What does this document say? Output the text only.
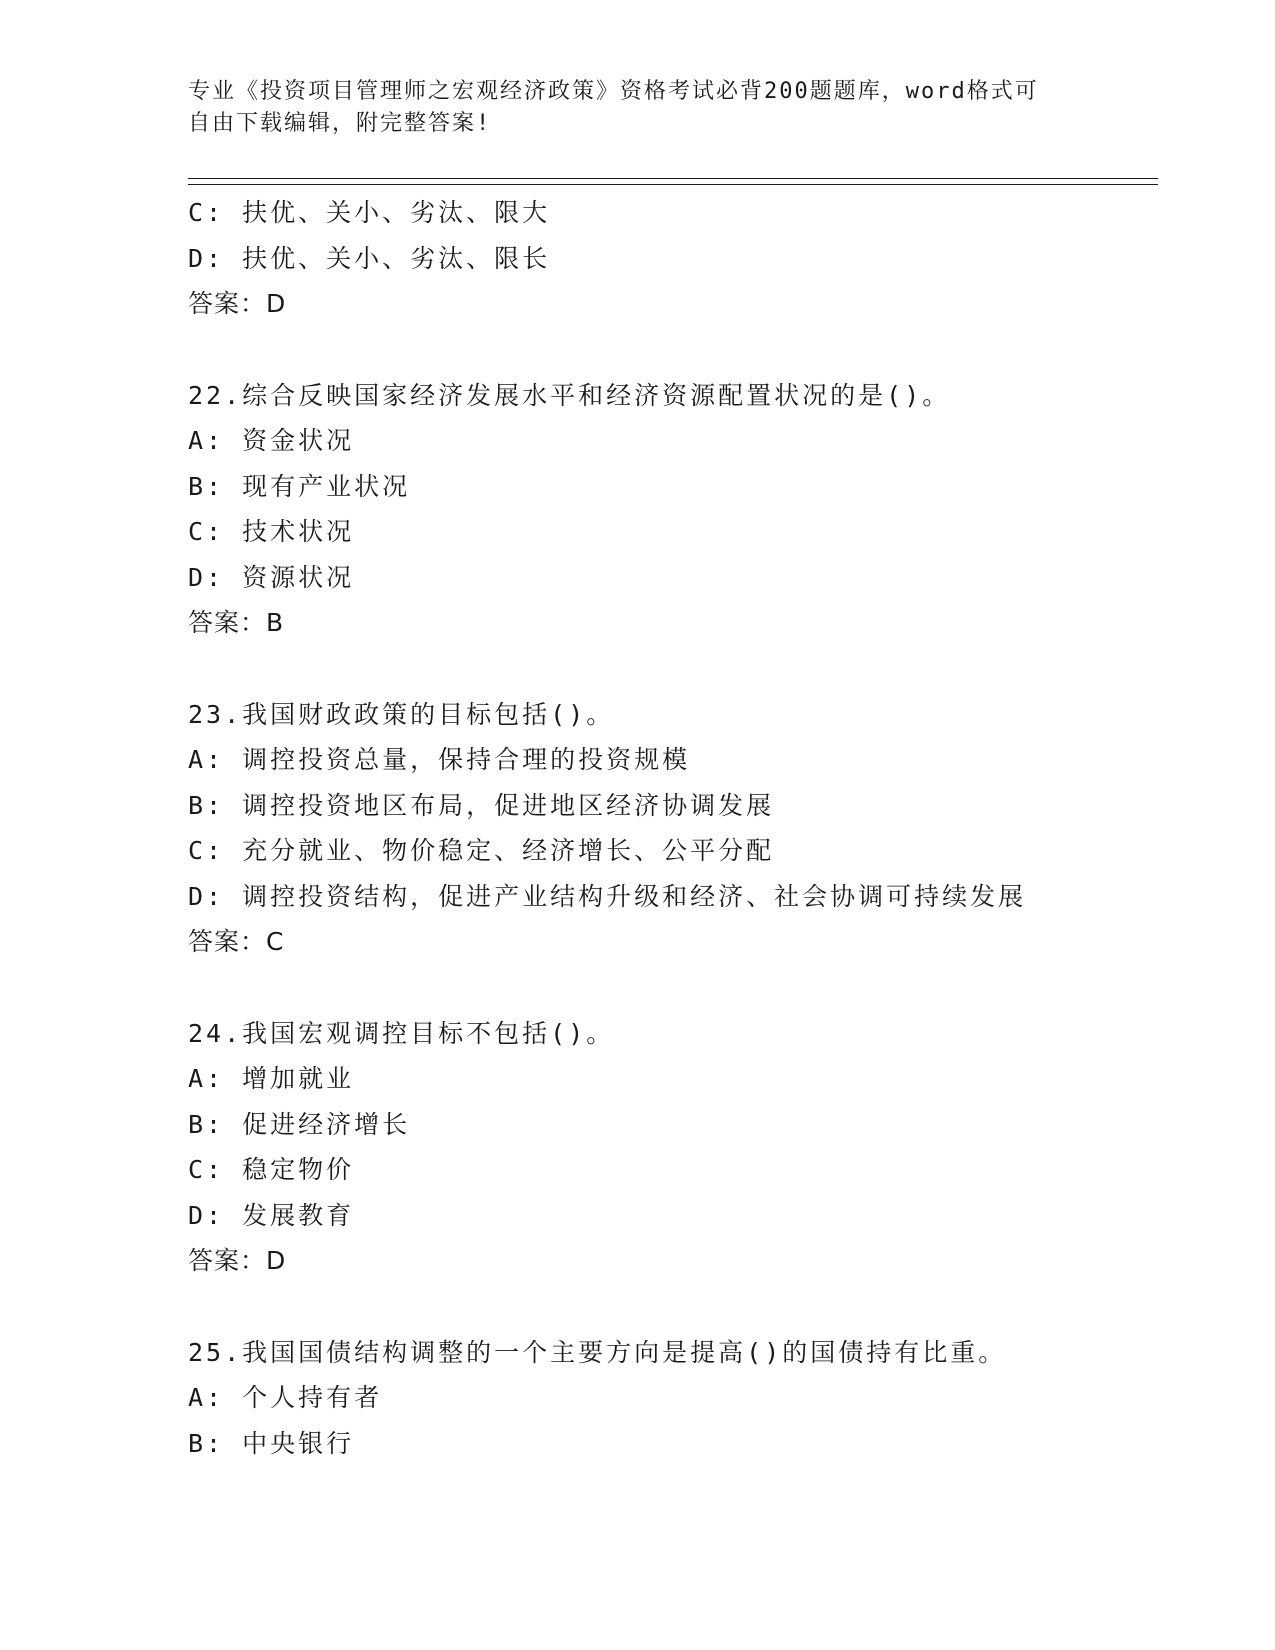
专业《投资项目管理师之宏观经济政策》资格考试必背200题题库，word格式可
自由下载编辑，附完整答案!
C: 扶优、关小、劣汰、限大
D: 扶优、关小、劣汰、限长
答案：D
22.综合反映国家经济发展水平和经济资源配置状况的是()。
A: 资金状况
B: 现有产业状况
C: 技术状况
D: 资源状况
答案：B
23.我国财政政策的目标包括()。
A: 调控投资总量，保持合理的投资规模
B: 调控投资地区布局，促进地区经济协调发展
C: 充分就业、物价稳定、经济增长、公平分配
D: 调控投资结构，促进产业结构升级和经济、社会协调可持续发展
答案：C
24.我国宏观调控目标不包括()。
A: 增加就业
B: 促进经济增长
C: 稳定物价
D: 发展教育
答案：D
25.我国国债结构调整的一个主要方向是提高()的国债持有比重。
A: 个人持有者
B: 中央银行
